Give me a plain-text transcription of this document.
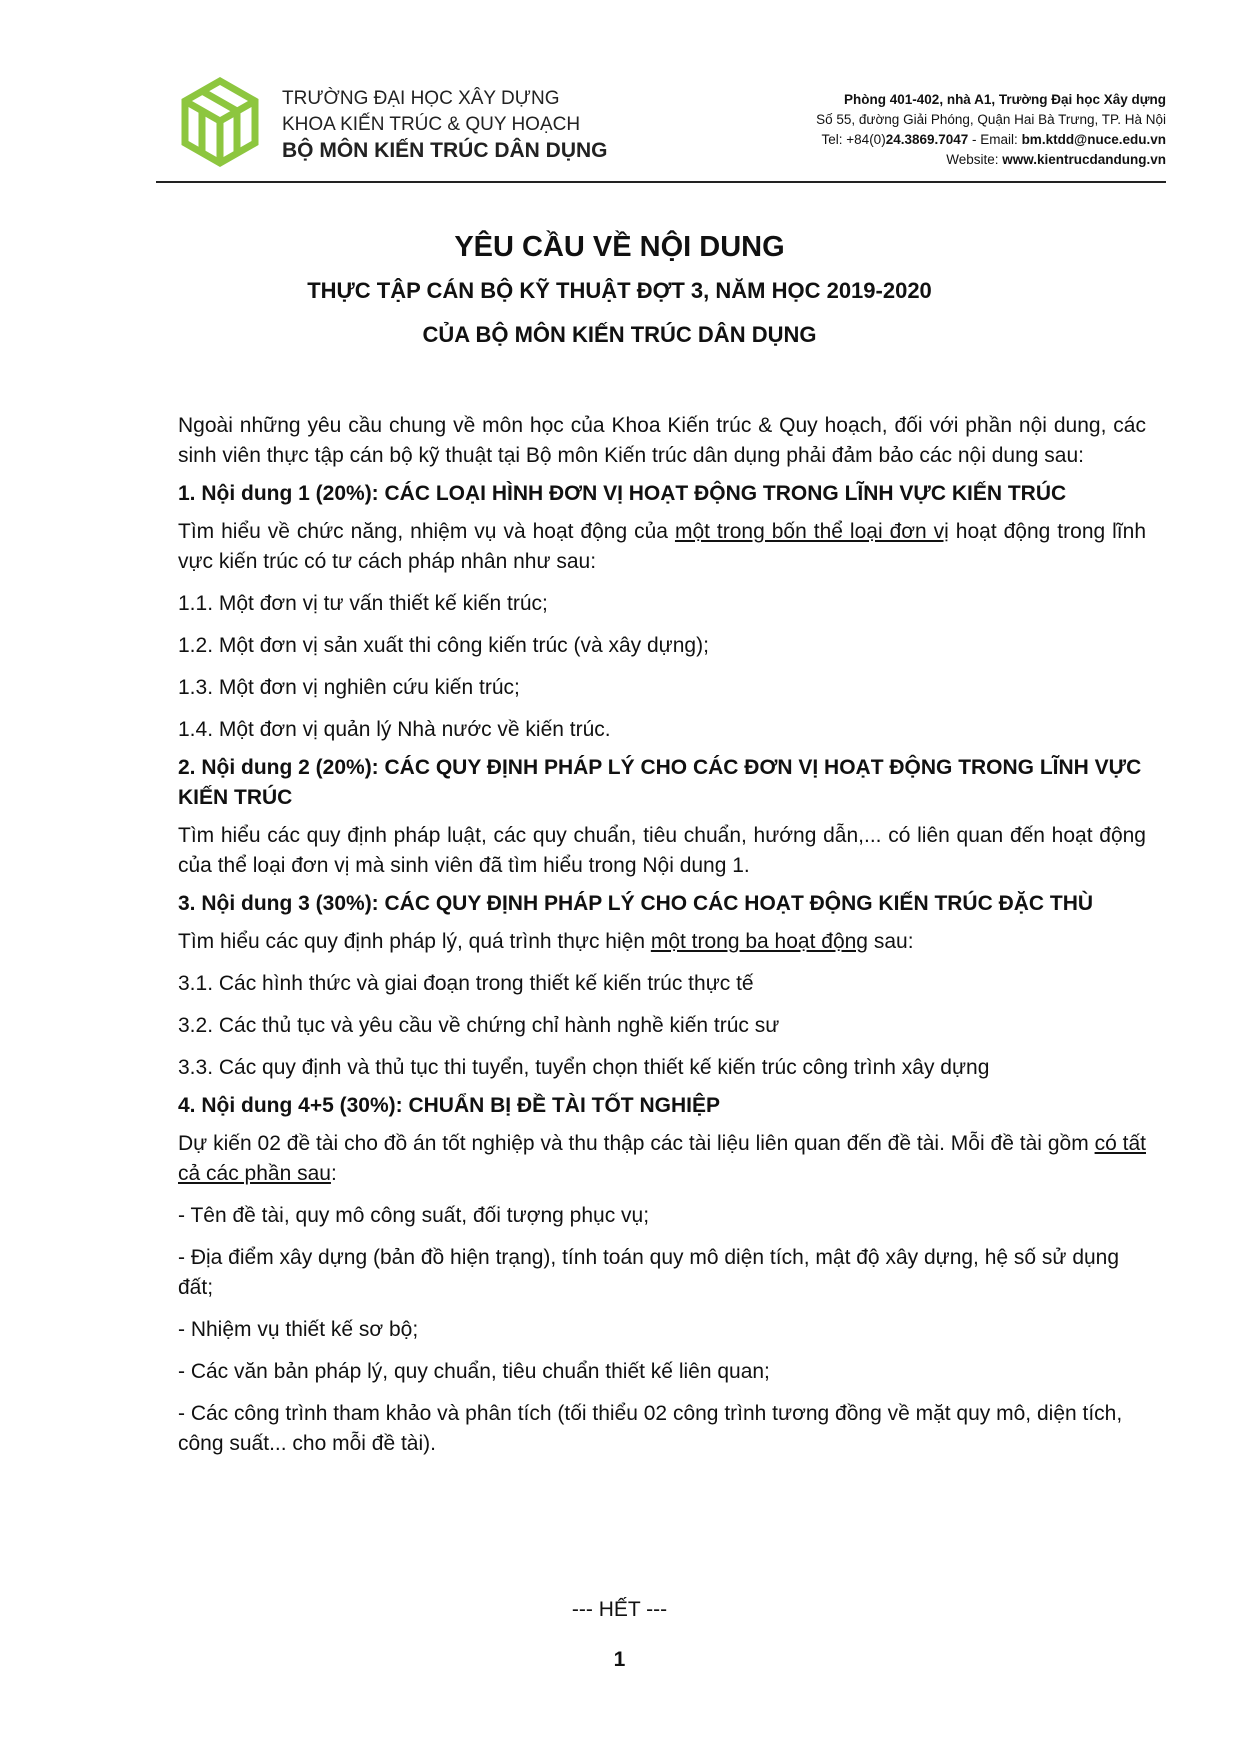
TRƯỜNG ĐẠI HỌC XÂY DỰNG
KHOA KIẾN TRÚC & QUY HOẠCH
BỘ MÔN KIẾN TRÚC DÂN DỤNG
Phòng 401-402, nhà A1, Trường Đại học Xây dựng
Số 55, đường Giải Phóng, Quận Hai Bà Trưng, TP. Hà Nội
Tel: +84(0)24.3869.7047 - Email: bm.ktdd@nuce.edu.vn
Website: www.kientrucdandung.vn
YÊU CẦU VỀ NỘI DUNG
THỰC TẬP CÁN BỘ KỸ THUẬT ĐỢT 3, NĂM HỌC 2019-2020
CỦA BỘ MÔN KIẾN TRÚC DÂN DỤNG

Ngoài những yêu cầu chung về môn học của Khoa Kiến trúc & Quy hoạch, đối với phần nội dung, các sinh viên thực tập cán bộ kỹ thuật tại Bộ môn Kiến trúc dân dụng phải đảm bảo các nội dung sau:

1. Nội dung 1 (20%): CÁC LOẠI HÌNH ĐƠN VỊ HOẠT ĐỘNG TRONG LĨNH VỰC KIẾN TRÚC

Tìm hiểu về chức năng, nhiệm vụ và hoạt động của một trong bốn thể loại đơn vị hoạt động trong lĩnh vực kiến trúc có tư cách pháp nhân như sau:

1.1. Một đơn vị tư vấn thiết kế kiến trúc;
1.2. Một đơn vị sản xuất thi công kiến trúc (và xây dựng);
1.3. Một đơn vị nghiên cứu kiến trúc;
1.4. Một đơn vị quản lý Nhà nước về kiến trúc.
2. Nội dung 2 (20%): CÁC QUY ĐỊNH PHÁP LÝ CHO CÁC ĐƠN VỊ HOẠT ĐỘNG TRONG LĨNH VỰC KIẾN TRÚC

Tìm hiểu các quy định pháp luật, các quy chuẩn, tiêu chuẩn, hướng dẫn,... có liên quan đến hoạt động của thể loại đơn vị mà sinh viên đã tìm hiểu trong Nội dung 1.

3. Nội dung 3 (30%): CÁC QUY ĐỊNH PHÁP LÝ CHO CÁC HOẠT ĐỘNG KIẾN TRÚC ĐẶC THÙ

Tìm hiểu các quy định pháp lý, quá trình thực hiện một trong ba hoạt động sau:

3.1. Các hình thức và giai đoạn trong thiết kế kiến trúc thực tế
3.2. Các thủ tục và yêu cầu về chứng chỉ hành nghề kiến trúc sư
3.3. Các quy định và thủ tục thi tuyển, tuyển chọn thiết kế kiến trúc công trình xây dựng
4. Nội dung 4+5 (30%): CHUẨN BỊ ĐỀ TÀI TỐT NGHIỆP

Dự kiến 02 đề tài cho đồ án tốt nghiệp và thu thập các tài liệu liên quan đến đề tài. Mỗi đề tài gồm có tất cả các phần sau:

- Tên đề tài, quy mô công suất, đối tượng phục vụ;
- Địa điểm xây dựng (bản đồ hiện trạng), tính toán quy mô diện tích, mật độ xây dựng, hệ số sử dụng đất;
- Nhiệm vụ thiết kế sơ bộ;
- Các văn bản pháp lý, quy chuẩn, tiêu chuẩn thiết kế liên quan;
- Các công trình tham khảo và phân tích (tối thiểu 02 công trình tương đồng về mặt quy mô, diện tích, công suất... cho mỗi đề tài).
--- HẾT ---
1
